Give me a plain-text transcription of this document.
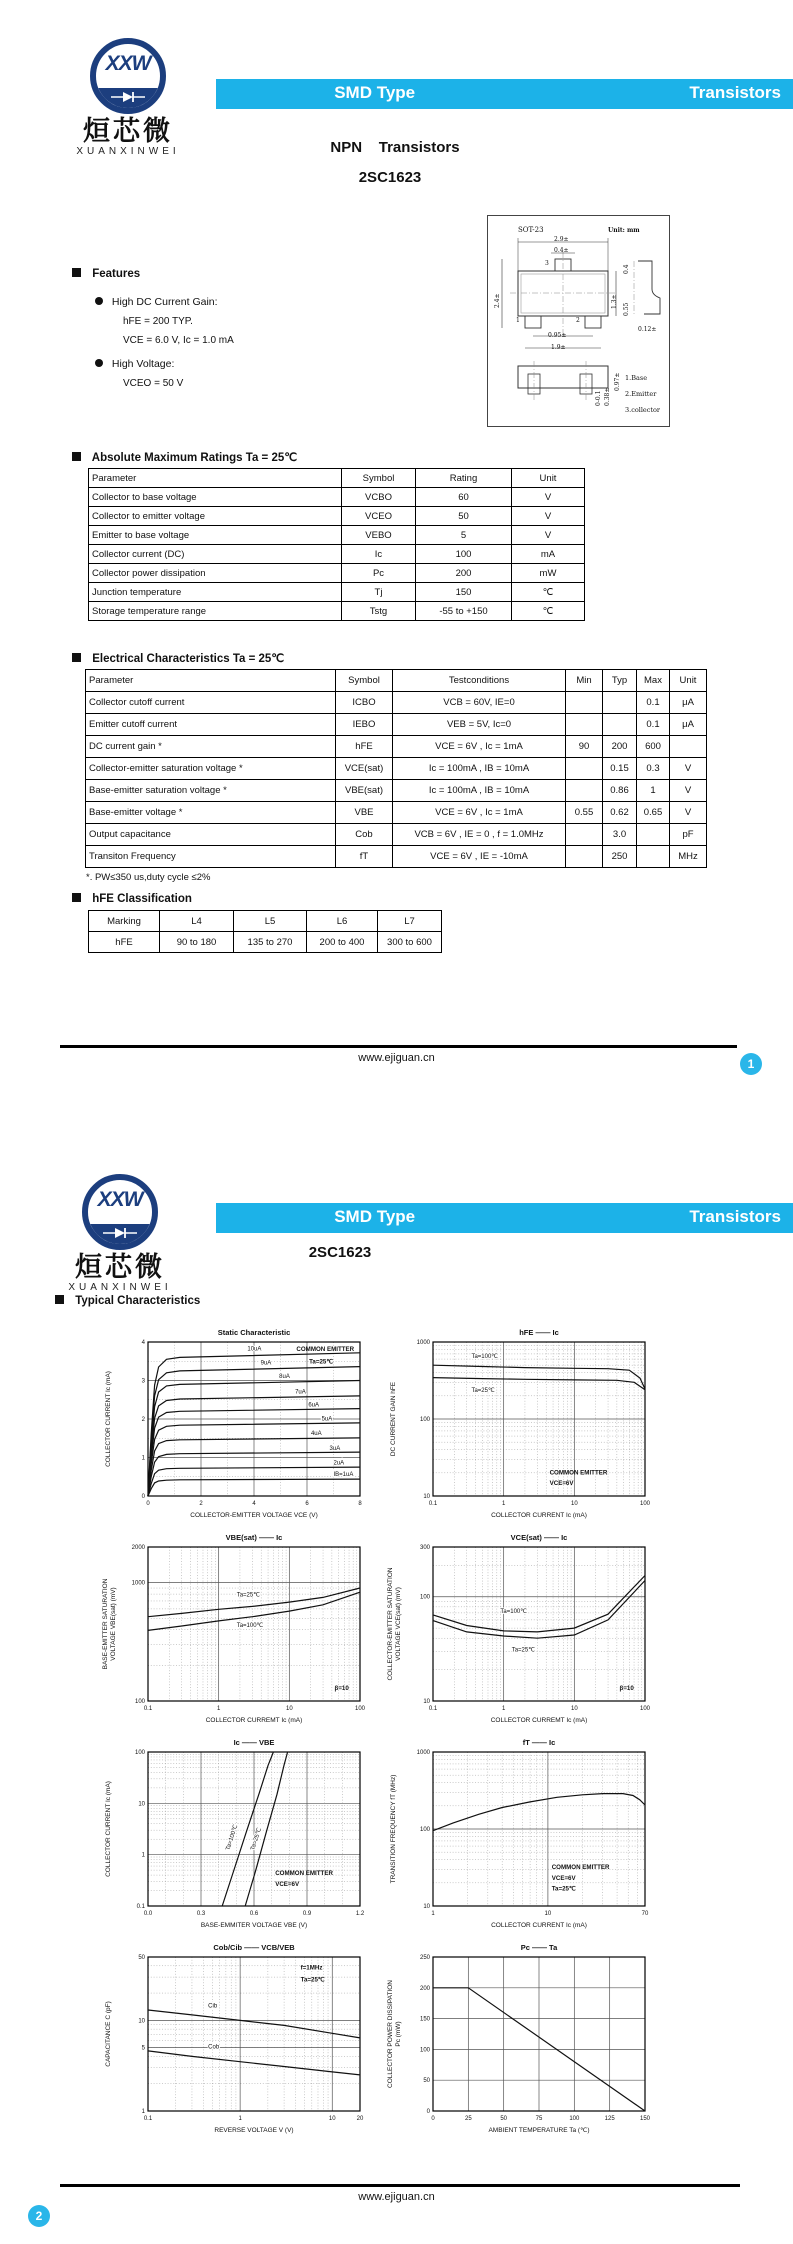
XXW
烜芯微
XUANXINWEI
SMD Type	Transistors
NPN    Transistors
2SC1623
Features
High DC Current Gain:
hFE = 200 TYP.
VCE = 6.0 V, Ic = 1.0 mA
High Voltage:
VCEO = 50 V
SOT-23	Unit: mm
2.9±
0.4±
3
2.4±	1.3±
1	2
0.95±
1.9±
0.4
0.55
0.12±
0.97±
0.38±
0-0.1
1.Base
2.Emitter
3.collector
Absolute Maximum Ratings Ta = 25℃
Parameter	Symbol	Rating	Unit
Collector to base voltage	VCBO	60	V
Collector to emitter voltage	VCEO	50	V
Emitter to base voltage	VEBO	5	V
Collector current (DC)	Ic	100	mA
Collector power dissipation	Pc	200	mW
Junction temperature	Tj	150	℃
Storage temperature range	Tstg	-55 to +150	℃
Electrical Characteristics Ta = 25℃
Parameter	Symbol	Testconditions	Min	Typ	Max	Unit
Collector cutoff current	ICBO	VCB = 60V, IE=0			0.1	μA
Emitter cutoff current	IEBO	VEB = 5V, Ic=0			0.1	μA
DC current gain *	hFE	VCE = 6V , Ic = 1mA	90	200	600	
Collector-emitter saturation voltage *	VCE(sat)	Ic = 100mA , IB = 10mA		0.15	0.3	V
Base-emitter saturation voltage *	VBE(sat)	Ic = 100mA , IB = 10mA		0.86	1	V
Base-emitter voltage *	VBE	VCE = 6V , Ic = 1mA	0.55	0.62	0.65	V
Output capacitance	Cob	VCB = 6V , IE = 0 , f = 1.0MHz		3.0		pF
Transiton Frequency	fT	VCE = 6V , IE = -10mA		250		MHz
*. PW≤350 us,duty cycle ≤2%
hFE Classification
Marking	L4	L5	L6	L7
hFE	90 to 180	135 to 270	200 to 400	300 to 600
www.ejiguan.cn	1
XXW
烜芯微
XUANXINWEI
SMD Type	Transistors
2SC1623
Typical Characteristics
0	2	4	6	8
0
1
2
3
4
10uA
9uA
8uA
7uA
6uA
5uA
4uA
3uA
2uA
IB=1uA
COMMON EMITTER
Ta=25℃
Static Characteristic
COLLECTOR-EMITTER VOLTAGE VCE (V)
COLLECTOR CURRENT Ic (mA)
0.1	1	10	100
10
100
1000
Ta=100℃
Ta=25℃
COMMON EMITTER
VCE=6V
hFE —— Ic
COLLECTOR CURRENT Ic (mA)
DC CURRENT GAIN hFE
0.1	1	10	100
100
1000
2000
Ta=25℃
Ta=100℃
β=10
VBE(sat) —— Ic
COLLECTOR CURREMT Ic (mA)
BASE-EMITTER SATURATION VOLTAGE VBE(sat) (mV)
0.1	1	10	100
10
100
300
Ta=100℃
Ta=25℃
β=10
VCE(sat) —— Ic
COLLECTOR CURREMT Ic (mA)
COLLECTOR-EMITTER SATURATION VOLTAGE VCE(sat) (mV)
0.0	0.3	0.6	0.9	1.2
0.1
1
10
100
Ta=100℃ Ta=25℃
COMMON EMITTER
VCE=6V
Ic —— VBE
BASE-EMMITER VOLTAGE VBE (V)
COLLECTOR CURRENT Ic (mA)
1	10	70
10
100
1000
COMMON EMITTER
VCE=6V
Ta=25℃
fT —— Ic
COLLECTOR CURRENT Ic (mA)
TRANSITION FREQUENCY fT (MHz)
0.1	1	10	20
1
5
10
50
Cib
Cob
f=1MHz
Ta=25℃
Cob/Cib —— VCB/VEB
REVERSE VOLTAGE V (V)
CAPACITANCE C (pF)
0	25	50	75	100	125	150
0
50
100
150
200
250
Pc —— Ta
AMBIENT TEMPERATURE Ta (℃)
COLLECTOR POWER DISSIPATION Pc (mW)
www.ejiguan.cn
2
